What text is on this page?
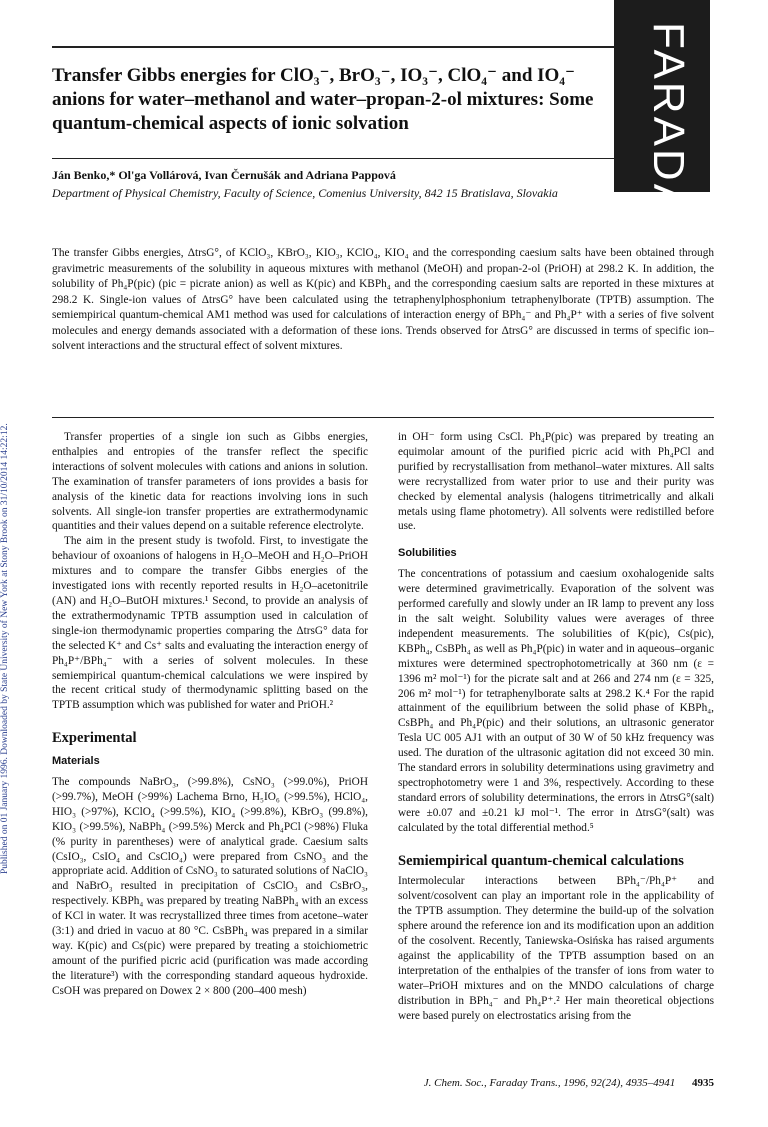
Published on 01 January 1996. Downloaded by State University of New York at Stony Brook on 31/10/2014 14:22:12.
FARADAY
Transfer Gibbs energies for ClO₃⁻, BrO₃⁻, IO₃⁻, ClO₄⁻ and IO₄⁻ anions for water–methanol and water–propan-2-ol mixtures: Some quantum-chemical aspects of ionic solvation

Ján Benko,* Ol'ga Vollárová, Ivan Černušák and Adriana Pappová

Department of Physical Chemistry, Faculty of Science, Comenius University, 842 15 Bratislava, Slovakia

The transfer Gibbs energies, ΔtrsG°, of KClO₃, KBrO₃, KIO₃, KClO₄, KIO₄ and the corresponding caesium salts have been obtained through gravimetric measurements of the solubility in aqueous mixtures with methanol (MeOH) and propan-2-ol (PriOH) at 298.2 K. In addition, the solubility of Ph₄P(pic) (pic = picrate anion) as well as K(pic) and KBPh₄ and the corresponding caesium salts are reported in these mixtures at 298.2 K. Single-ion values of ΔtrsG° have been calculated using the tetraphenylphosphonium tetraphenylborate (TPTB) assumption. The semiempirical quantum-chemical AM1 method was used for calculations of interaction energy of BPh₄⁻ and Ph₄P⁺ with a series of five solvent molecules and energy demands associated with a deformation of these ions. Trends observed for ΔtrsG° are discussed in terms of specific ion–solvent interactions and the structural effect of solvent mixtures.

Transfer properties of a single ion such as Gibbs energies, enthalpies and entropies of the transfer reflect the specific interactions of solvent molecules with cations and anions in solution. The examination of transfer parameters of ions provides a basis for analysis of the kinetic data for reactions involving ions in such solvents. All single-ion transfer properties are extrathermodynamic quantities and their values depend on a suitable reference electrolyte.

The aim in the present study is twofold. First, to investigate the behaviour of oxoanions of halogens in H₂O–MeOH and H₂O–PriOH mixtures and to compare the transfer Gibbs energies of the investigated ions with recently reported results in H₂O–acetonitrile (AN) and H₂O–ButOH mixtures.¹ Second, to provide an analysis of the extrathermodynamic TPTB assumption used in calculation of single-ion thermodynamic properties comparing the ΔtrsG° data for the selected K⁺ and Cs⁺ salts and evaluating the interaction energy of Ph₄P⁺/BPh₄⁻ with a series of solvent molecules. In these semiempirical quantum-chemical calculations we were inspired by the recent critical study of thermodynamic splitting based on the TPTB assumption which was published for water and PriOH.²

Experimental
Materials

The compounds NaBrO₃, (>99.8%), CsNO₃ (>99.0%), PriOH (>99.7%), MeOH (>99%) Lachema Brno, H₅IO₆ (>99.5%), HClO₄, HIO₃ (>97%), KClO₄ (>99.5%), KIO₄ (>99.8%), KBrO₃ (99.8%), KIO₃ (>99.5%), NaBPh₄ (>99.5%) Merck and Ph₄PCl (>98%) Fluka (% purity in parentheses) were of analytical grade. Caesium salts (CsIO₃, CsIO₄ and CsClO₄) were prepared from CsNO₃ and the appropriate acid. Addition of CsNO₃ to saturated solutions of NaClO₃ and NaBrO₃ resulted in precipitation of CsClO₃ and CsBrO₃, respectively. KBPh₄ was prepared by treating NaBPh₄ with an excess of KCl in water. It was recrystallized three times from acetone–water (3:1) and dried in vacuo at 80 °C. CsBPh₄ was prepared in a similar way. K(pic) and Cs(pic) were prepared by treating a stoichiometric amount of the purified picric acid (purification was made according the literature³) with the corresponding standard aqueous hydroxide. CsOH was prepared on Dowex 2 × 800 (200–400 mesh)

in OH⁻ form using CsCl. Ph₄P(pic) was prepared by treating an equimolar amount of the purified picric acid with Ph₄PCl and purified by recrystallisation from methanol–water mixtures. All salts were recrystallized from water prior to use and their purity was checked by elemental analysis (halogens titrimetrically and alkali metals using flame photometry). All solvents were redistilled before use.

Solubilities

The concentrations of potassium and caesium oxohalogenide salts were determined gravimetrically. Evaporation of the solvent was performed carefully and slowly under an IR lamp to prevent any loss in the salt weight. Solubility values were averages of three independent measurements. The solubilities of K(pic), Cs(pic), KBPh₄, CsBPh₄ as well as Ph₄P(pic) in water and in aqueous–organic mixtures were determined spectrophotometrically at 360 nm (ε = 1396 m² mol⁻¹) for the picrate salt and at 266 and 274 nm (ε = 325, 206 m² mol⁻¹) for tetraphenylborate salts at 298.2 K.⁴ For the rapid attainment of the equilibrium between the solid phase of KBPh₄, CsBPh₄ and Ph₄P(pic) and their solutions, an ultrasonic generator Tesla UC 005 AJ1 with an output of 30 W of 50 kHz frequency was used. The duration of the ultrasonic agitation did not exceed 30 min. The standard errors in solubility determinations using gravimetry and spectrophotometry were 1 and 3%, respectively. According to these standard errors of solubility determinations, the errors in ΔtrsG°(salt) were ±0.07 and ±0.21 kJ mol⁻¹. The error in ΔtrsG°(salt) was calculated by the total differential method.⁵

Semiempirical quantum-chemical calculations

Intermolecular interactions between BPh₄⁻/Ph₄P⁺ and solvent/cosolvent can play an important role in the applicability of the TPTB assumption. They determine the build-up of the solvation sphere around the reference ion and its modification upon an addition of the cosolvent. Recently, Taniewska-Osińska has raised arguments against the applicability of the TPTB assumption based on an interpretation of the enthalpies of the transfer of ions from water to water–PriOH mixtures and on the MNDO calculations of charge distribution in BPh₄⁻ and Ph₄P⁺.² Her main theoretical objections were based purely on electrostatics arising from the

J. Chem. Soc., Faraday Trans., 1996, 92(24), 4935–4941 4935
